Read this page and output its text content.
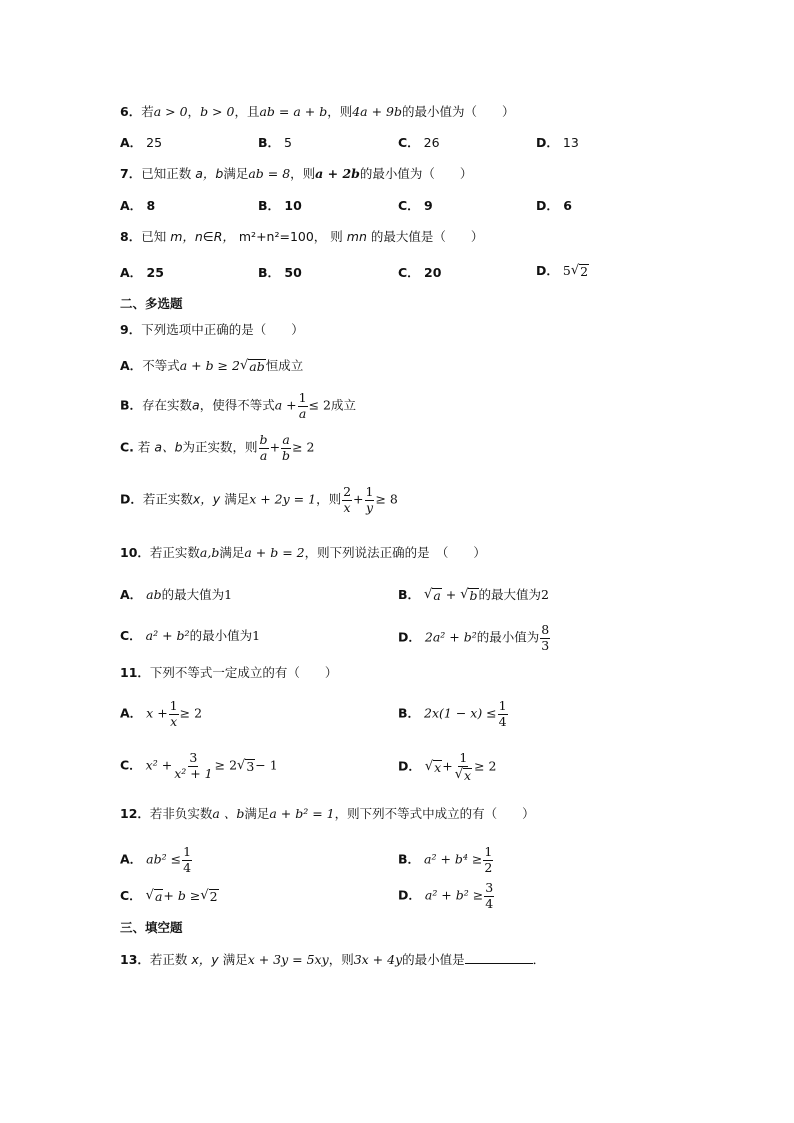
6．若a > 0，b > 0，且ab = a + b，则4a + 9b的最小值为（　　）
A． 25	B． 5	C． 26	D． 13
7．已知正数 a，b满足ab = 8，则a + 2b的最小值为（　　）
A． 8	B． 10	C． 9	D． 6
8．已知 m，n∈R， m²+n²=100， 则 mn 的最大值是（　　）
A． 25	B． 50	C． 20	D． 5 √ 2
二、多选题
9．下列选项中正确的是（　　）
A．不等式a + b ≥ 2 √ ab 恒成立
B．存在实数a，使得不等式$a + \frac{1}{a} \le 2$成立
C. 若 a、b为正实数，则 $\frac{b}{a} + \frac{a}{b} \ge 2$
D．若正实数x，y 满足x + 2y = 1，则 $\frac{2}{x} + \frac{1}{y} \ge 8$
10．若正实数a,b满足a + b = 2，则下列说法正确的是　（　　）
A． ab的最大值为1	B． √ a + √ b 的最大值为2
C． a² + b²的最小值为1	D． 2a² + b²的最小值为 $\frac{8}{3}$
11．下列不等式一定成立的有（　　）
A． $x + \frac{1}{x} \ge 2$	B． $2x(1 - x) \le \frac{1}{4}$
C． $x^2 + \frac{3}{\text{x² + 1}} \ge 2$ √ 3 − 1	D． √ $x + \frac{1}{√ x} \ge 2$
12．若非负实数a 、b满足a + b² = 1，则下列不等式中成立的有（　　）
A． $ab^2 \le \frac{1}{4}$	B． $a^2 + b^4 \ge \frac{1}{2}$
C． √ a + b ≥ √ 2	D． $a^2 + b^2 \ge \frac{3}{4}$
三、填空题
13．若正数 x，y 满足x + 3y = 5xy，则3x + 4y的最小值是	．
